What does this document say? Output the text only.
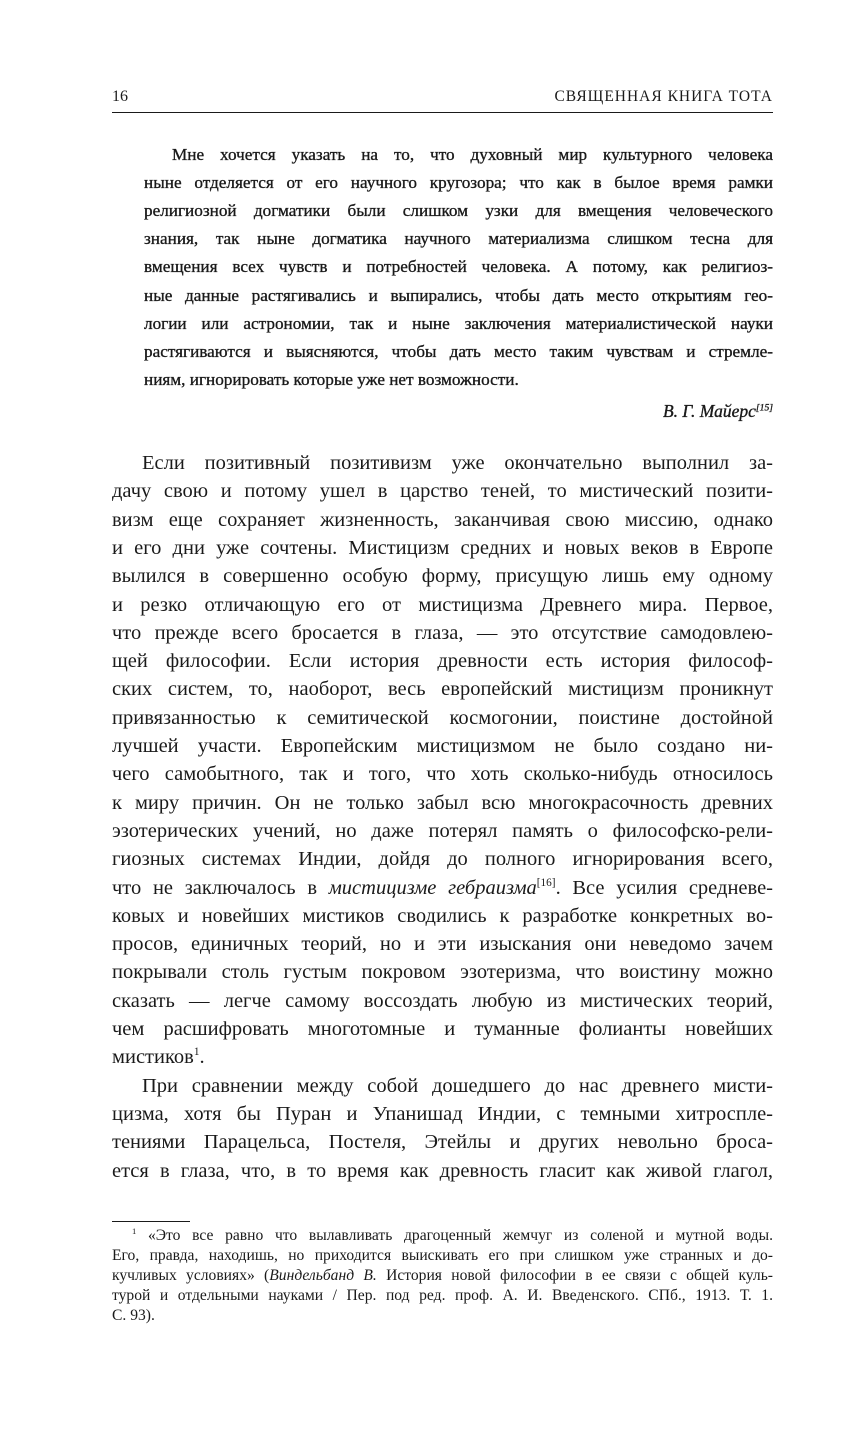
16	СВЯЩЕННАЯ КНИГА ТОТА
Мне хочется указать на то, что духовный мир культурного человека
ныне отделяется от его научного кругозора; что как в былое время рамки
религиозной догматики были слишком узки для вмещения человеческого
знания, так ныне догматика научного материализма слишком тесна для
вмещения всех чувств и потребностей человека. А потому, как религиоз-
ные данные растягивались и выпирались, чтобы дать место открытиям гео-
логии или астрономии, так и ныне заключения материалистической науки
растягиваются и выясняются, чтобы дать место таким чувствам и стремле-
ниям, игнорировать которые уже нет возможности.
В. Г. Майерс[15]
Если позитивный позитивизм уже окончательно выполнил за-
дачу свою и потому ушел в царство теней, то мистический позити-
визм еще сохраняет жизненность, заканчивая свою миссию, однако
и его дни уже сочтены. Мистицизм средних и новых веков в Европе
вылился в совершенно особую форму, присущую лишь ему одному
и резко отличающую его от мистицизма Древнего мира. Первое,
что прежде всего бросается в глаза, — это отсутствие самодовлею-
щей философии. Если история древности есть история философ-
ских систем, то, наоборот, весь европейский мистицизм проникнут
привязанностью к семитической космогонии, поистине достойной
лучшей участи. Европейским мистицизмом не было создано ни-
чего самобытного, так и того, что хоть сколько-нибудь относилось
к миру причин. Он не только забыл всю многокрасочность древних
эзотерических учений, но даже потерял память о философско-рели-
гиозных системах Индии, дойдя до полного игнорирования всего,
что не заключалось в мистицизме гебраизма[16]. Все усилия средневе-
ковых и новейших мистиков сводились к разработке конкретных во-
просов, единичных теорий, но и эти изыскания они неведомо зачем
покрывали столь густым покровом эзотеризма, что воистину можно
сказать — легче самому воссоздать любую из мистических теорий,
чем расшифровать многотомные и туманные фолианты новейших
мистиков$^1$.
При сравнении между собой дошедшего до нас древнего мисти-
цизма, хотя бы Пуран и Упанишад Индии, с темными хитроспле-
тениями Парацельса, Постеля, Этейлы и других невольно броса-
ется в глаза, что, в то время как древность гласит как живой глагол,
$^1$ «Это все равно что вылавливать драгоценный жемчуг из соленой и мутной воды.
Его, правда, находишь, но приходится выискивать его при слишком уже странных и до-
кучливых условиях» (Виндельбанд В. История новой философии в ее связи с общей куль-
турой и отдельными науками / Пер. под ред. проф. А. И. Введенского. СПб., 1913. Т. 1.
С. 93).
